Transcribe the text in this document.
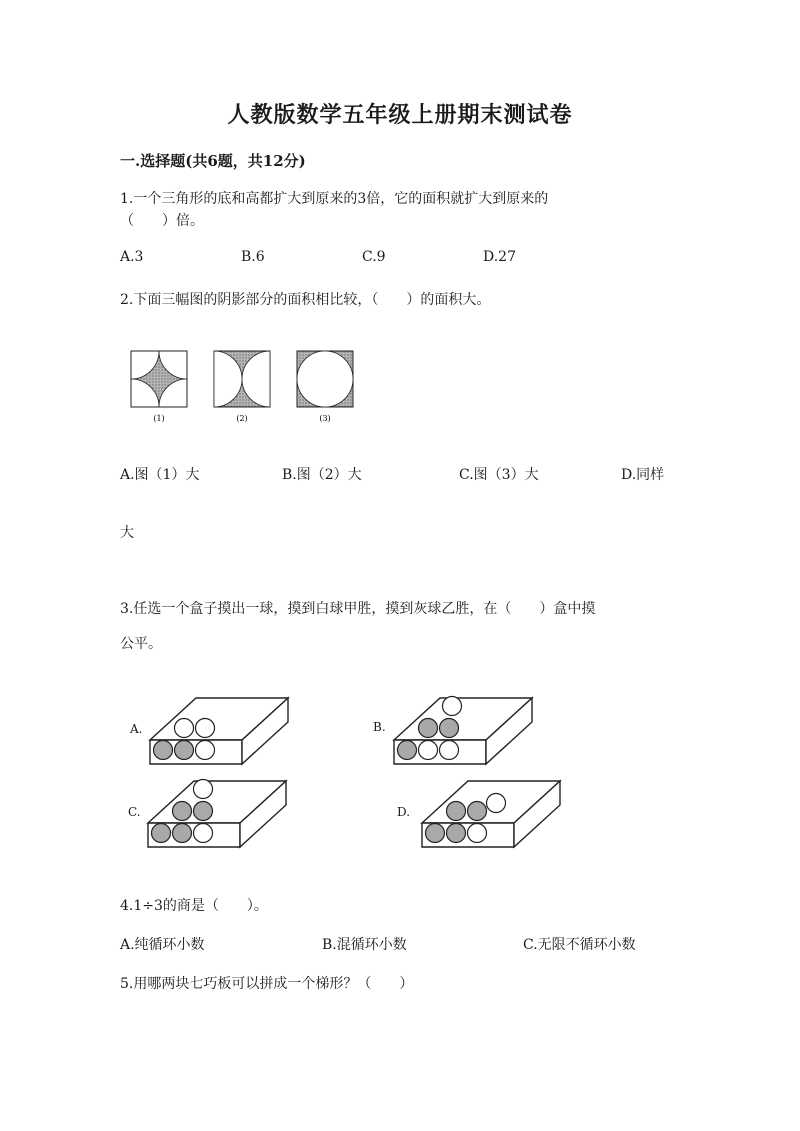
人教版数学五年级上册期末测试卷
一.选择题(共6题，共12分)
1.一个三角形的底和高都扩大到原来的3倍，它的面积就扩大到原来的
（　　）倍。
A.3	B.6	C.9	D.27
2.下面三幅图的阴影部分的面积相比较，（　　）的面积大。
(1)	(2)	(3)
A.图（1）大	B.图（2）大	C.图（3）大	D.同样
大
3.任选一个盒子摸出一球，摸到白球甲胜，摸到灰球乙胜，在（　　）盒中摸
公平。
A.	B.
C.	D.
4.1÷3的商是（　　）。
A.纯循环小数	B.混循环小数	C.无限不循环小数
5.用哪两块七巧板可以拼成一个梯形？（　　）
